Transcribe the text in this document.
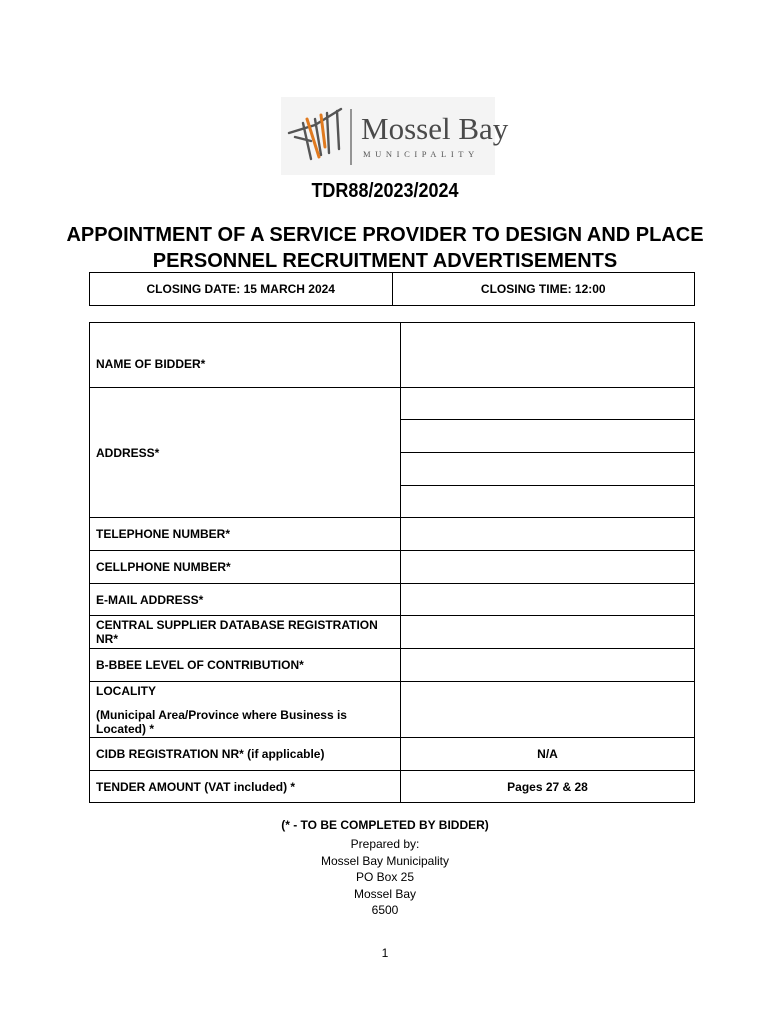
Mossel Bay
MUNICIPALITY
TDR88/2023/2024
APPOINTMENT OF A SERVICE PROVIDER TO DESIGN AND PLACE PERSONNEL RECRUITMENT ADVERTISEMENTS
CLOSING DATE: 15 MARCH 2024	CLOSING TIME: 12:00
NAME OF BIDDER*	
ADDRESS*	

TELEPHONE NUMBER*	
CELLPHONE NUMBER*	
E-MAIL ADDRESS*	
CENTRAL SUPPLIER DATABASE REGISTRATION NR*	
B-BBEE LEVEL OF CONTRIBUTION*	
LOCALITY
(Municipal Area/Province where Business is Located) *	

CIDB REGISTRATION NR* (if applicable)	N/A
TENDER AMOUNT (VAT included) *	Pages 27 & 28
(* - TO BE COMPLETED BY BIDDER)
Prepared by:
Mossel Bay Municipality
PO Box 25
Mossel Bay
6500
1
